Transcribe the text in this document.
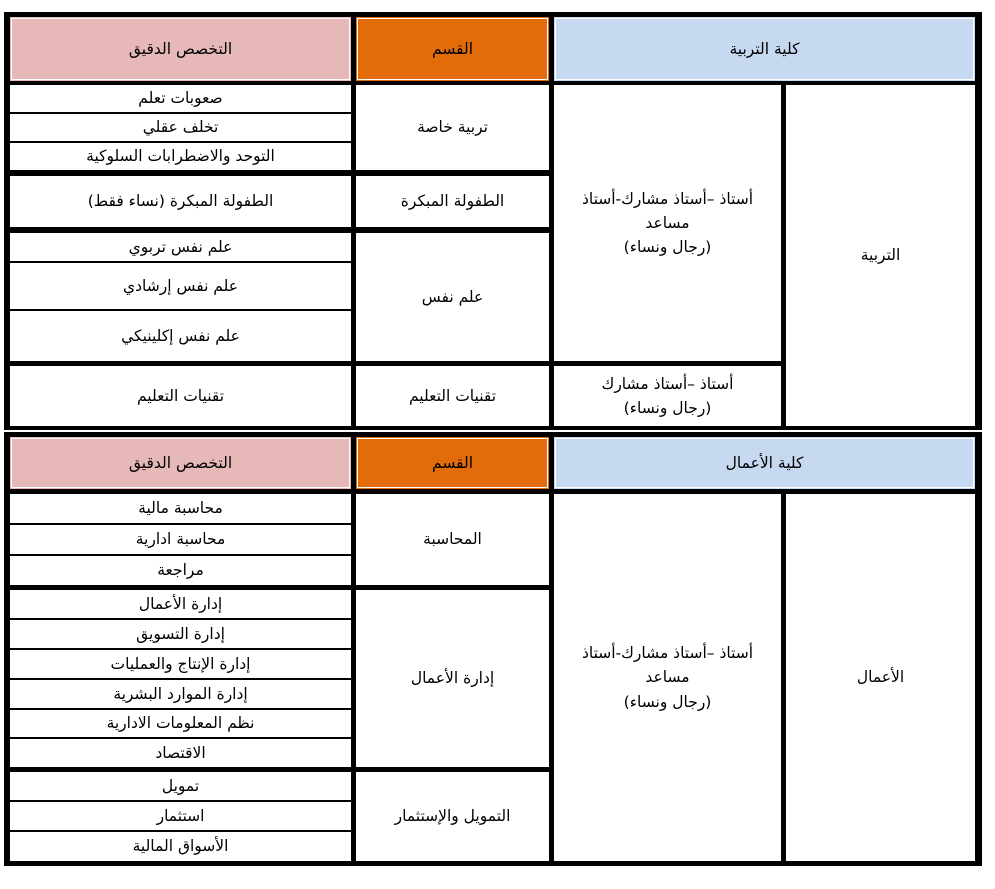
كلية التربية
القسم
التخصص الدقيق
التربية
أستاذ –أستاذ مشارك-أستاذ
مساعد
(رجال ونساء)
أستاذ –أستاذ مشارك
(رجال ونساء)
تربية خاصة
الطفولة المبكرة
علم نفس
تقنيات التعليم
صعوبات تعلم
تخلف عقلي
التوحد والاضطرابات السلوكية
الطفولة المبكرة (نساء فقط)
علم نفس تربوي
علم نفس إرشادي
علم نفس إكلينيكي
تقنيات التعليم
كلية الأعمال
القسم
التخصص الدقيق
الأعمال
أستاذ –أستاذ مشارك-أستاذ
مساعد
(رجال ونساء)
المحاسبة
إدارة الأعمال
التمويل والإستثمار
محاسبة مالية
محاسبة ادارية
مراجعة
إدارة الأعمال
إدارة التسويق
إدارة الإنتاج والعمليات
إدارة الموارد البشرية
نظم المعلومات الادارية
الاقتصاد
تمويل
استثمار
الأسواق المالية
